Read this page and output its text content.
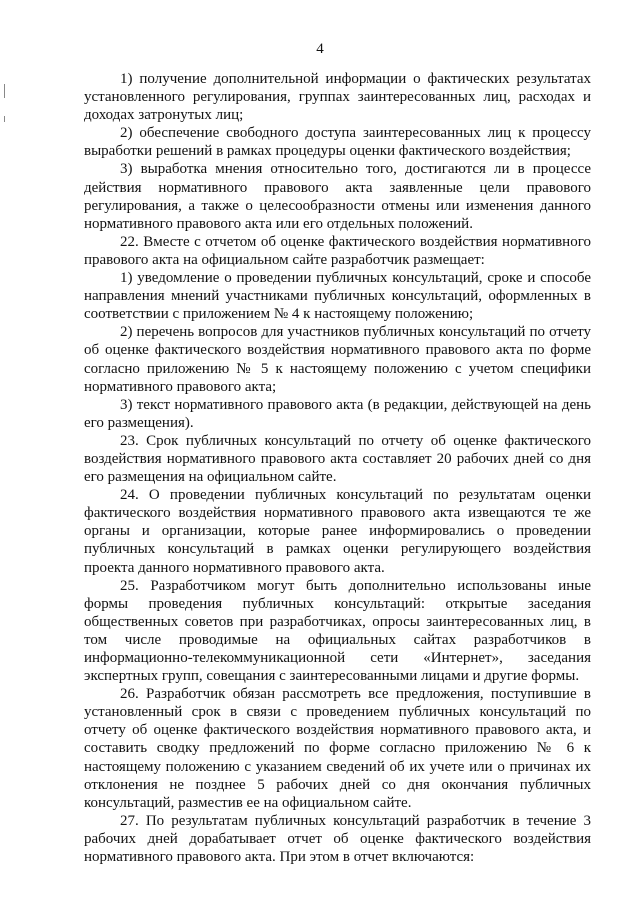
4

1) получение дополнительной информации о фактических результатах установленного регулирования, группах заинтересованных лиц, расходах и доходах затронутых лиц;

2) обеспечение свободного доступа заинтересованных лиц к процессу выработки решений в рамках процедуры оценки фактического воздействия;

3) выработка мнения относительно того, достигаются ли в процессе действия нормативного правового акта заявленные цели правового регулирования, а также о целесообразности отмены или изменения данного нормативного правового акта или его отдельных положений.

22. Вместе с отчетом об оценке фактического воздействия нормативного правового акта на официальном сайте разработчик размещает:

1) уведомление о проведении публичных консультаций, сроке и способе направления мнений участниками публичных консультаций, оформленных в соответствии с приложением № 4 к настоящему положению;

2) перечень вопросов для участников публичных консультаций по отчету об оценке фактического воздействия нормативного правового акта по форме согласно приложению № 5 к настоящему положению с учетом специфики нормативного правового акта;

3) текст нормативного правового акта (в редакции, действующей на день его размещения).

23. Срок публичных консультаций по отчету об оценке фактического воздействия нормативного правового акта составляет 20 рабочих дней со дня его размещения на официальном сайте.

24. О проведении публичных консультаций по результатам оценки фактического воздействия нормативного правового акта извещаются те же органы и организации, которые ранее информировались о проведении публичных консультаций в рамках оценки регулирующего воздействия проекта данного нормативного правового акта.

25. Разработчиком могут быть дополнительно использованы иные формы проведения публичных консультаций: открытые заседания общественных советов при разработчиках, опросы заинтересованных лиц, в том числе проводимые на официальных сайтах разработчиков в информационно-телекоммуникационной сети «Интернет», заседания экспертных групп, совещания с заинтересованными лицами и другие формы.

26. Разработчик обязан рассмотреть все предложения, поступившие в установленный срок в связи с проведением публичных консультаций по отчету об оценке фактического воздействия нормативного правового акта, и составить сводку предложений по форме согласно приложению № 6 к настоящему положению с указанием сведений об их учете или о причинах их отклонения не позднее 5 рабочих дней со дня окончания публичных консультаций, разместив ее на официальном сайте.

27. По результатам публичных консультаций разработчик в течение 3 рабочих дней дорабатывает отчет об оценке фактического воздействия нормативного правового акта. При этом в отчет включаются:
